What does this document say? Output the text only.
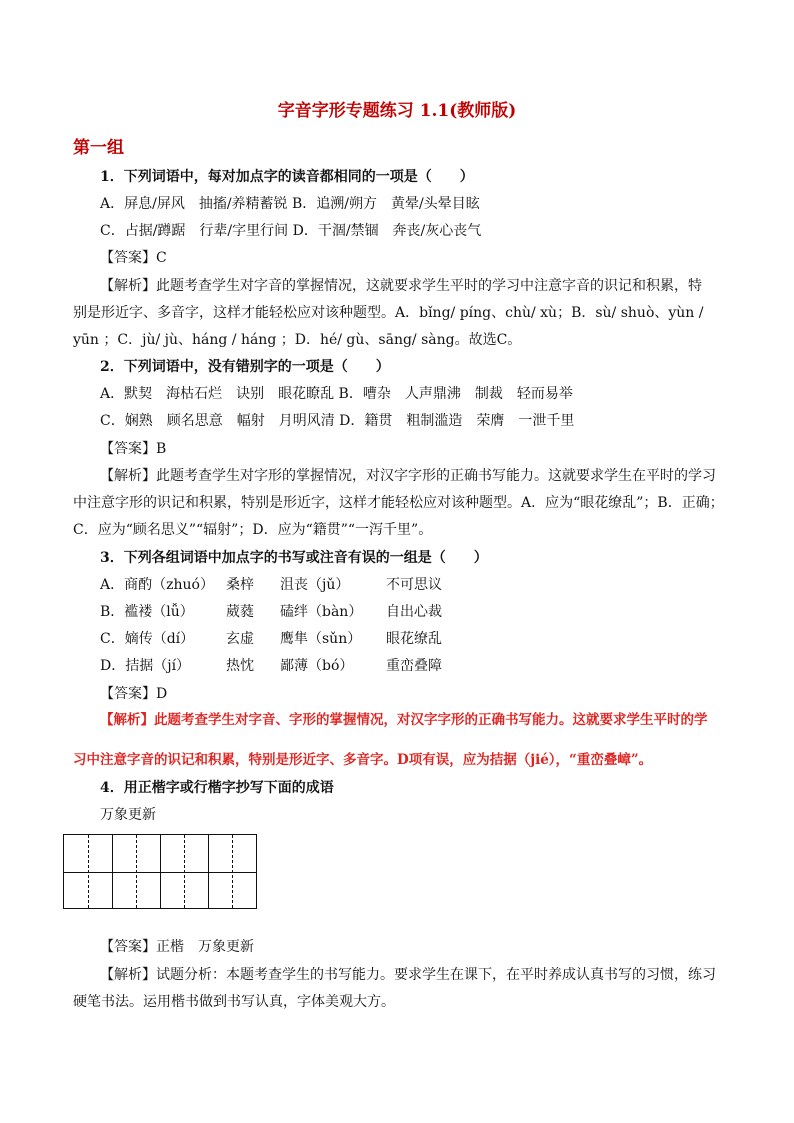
字音字形专题练习 1.1(教师版)
第一组
1．下列词语中，每对加点字的读音都相同的一项是（　　）
A．屏息/屏风　抽搐/养精蓄锐 B．追溯/朔方　黄晕/头晕目眩
C．占据/蹲踞　行辈/字里行间 D．干涸/禁锢　奔丧/灰心丧气
【答案】C
【解析】此题考查学生对字音的掌握情况，这就要求学生平时的学习中注意字音的识记和积累，特
别是形近字、多音字，这样才能轻松应对该种题型。A．bǐng/ píng、chù/ xù；B．sù/ shuò、yùn /
yūn ；C．jù/ jù、háng / háng ；D．hé/ gù、sāng/ sàng。故选C。
2．下列词语中，没有错别字的一项是（　　）
A．默契　海枯石烂　诀别　眼花瞭乱 B．嘈杂　人声鼎沸　制裁　轻而易举
C．娴熟　顾名思意　幅射　月明风清 D．籍贯　粗制滥造　荣膺　一泄千里
【答案】B
【解析】此题考查学生对字形的掌握情况，对汉字字形的正确书写能力。这就要求学生在平时的学习
中注意字形的识记和积累，特别是形近字，这样才能轻松应对该种题型。A．应为“眼花缭乱”；B．正确；
C．应为“顾名思义”“辐射”；D．应为“籍贯”“一泻千里”。
3．下列各组词语中加点字的书写或注音有误的一组是（　　）
A．商酌（zhuó） 桑梓 沮丧（jǔ）	不可思议
B．褴褛（lǚ） 葳蕤 磕绊（bàn） 自出心裁
C．嫡传（dí） 玄虚 鹰隼（sǔn） 眼花缭乱
D．拮据（jí）	热忱 鄙薄（bó） 重峦叠障
【答案】D
【解析】此题考查学生对字音、字形的掌握情况，对汉字字形的正确书写能力。这就要求学生平时的学
习中注意字音的识记和积累，特别是形近字、多音字。D项有误，应为拮据（jié），“重峦叠嶂”。
4．用正楷字或行楷字抄写下面的成语
万象更新
【答案】正楷　万象更新
【解析】试题分析：本题考查学生的书写能力。要求学生在课下，在平时养成认真书写的习惯，练习
硬笔书法。运用楷书做到书写认真，字体美观大方。
